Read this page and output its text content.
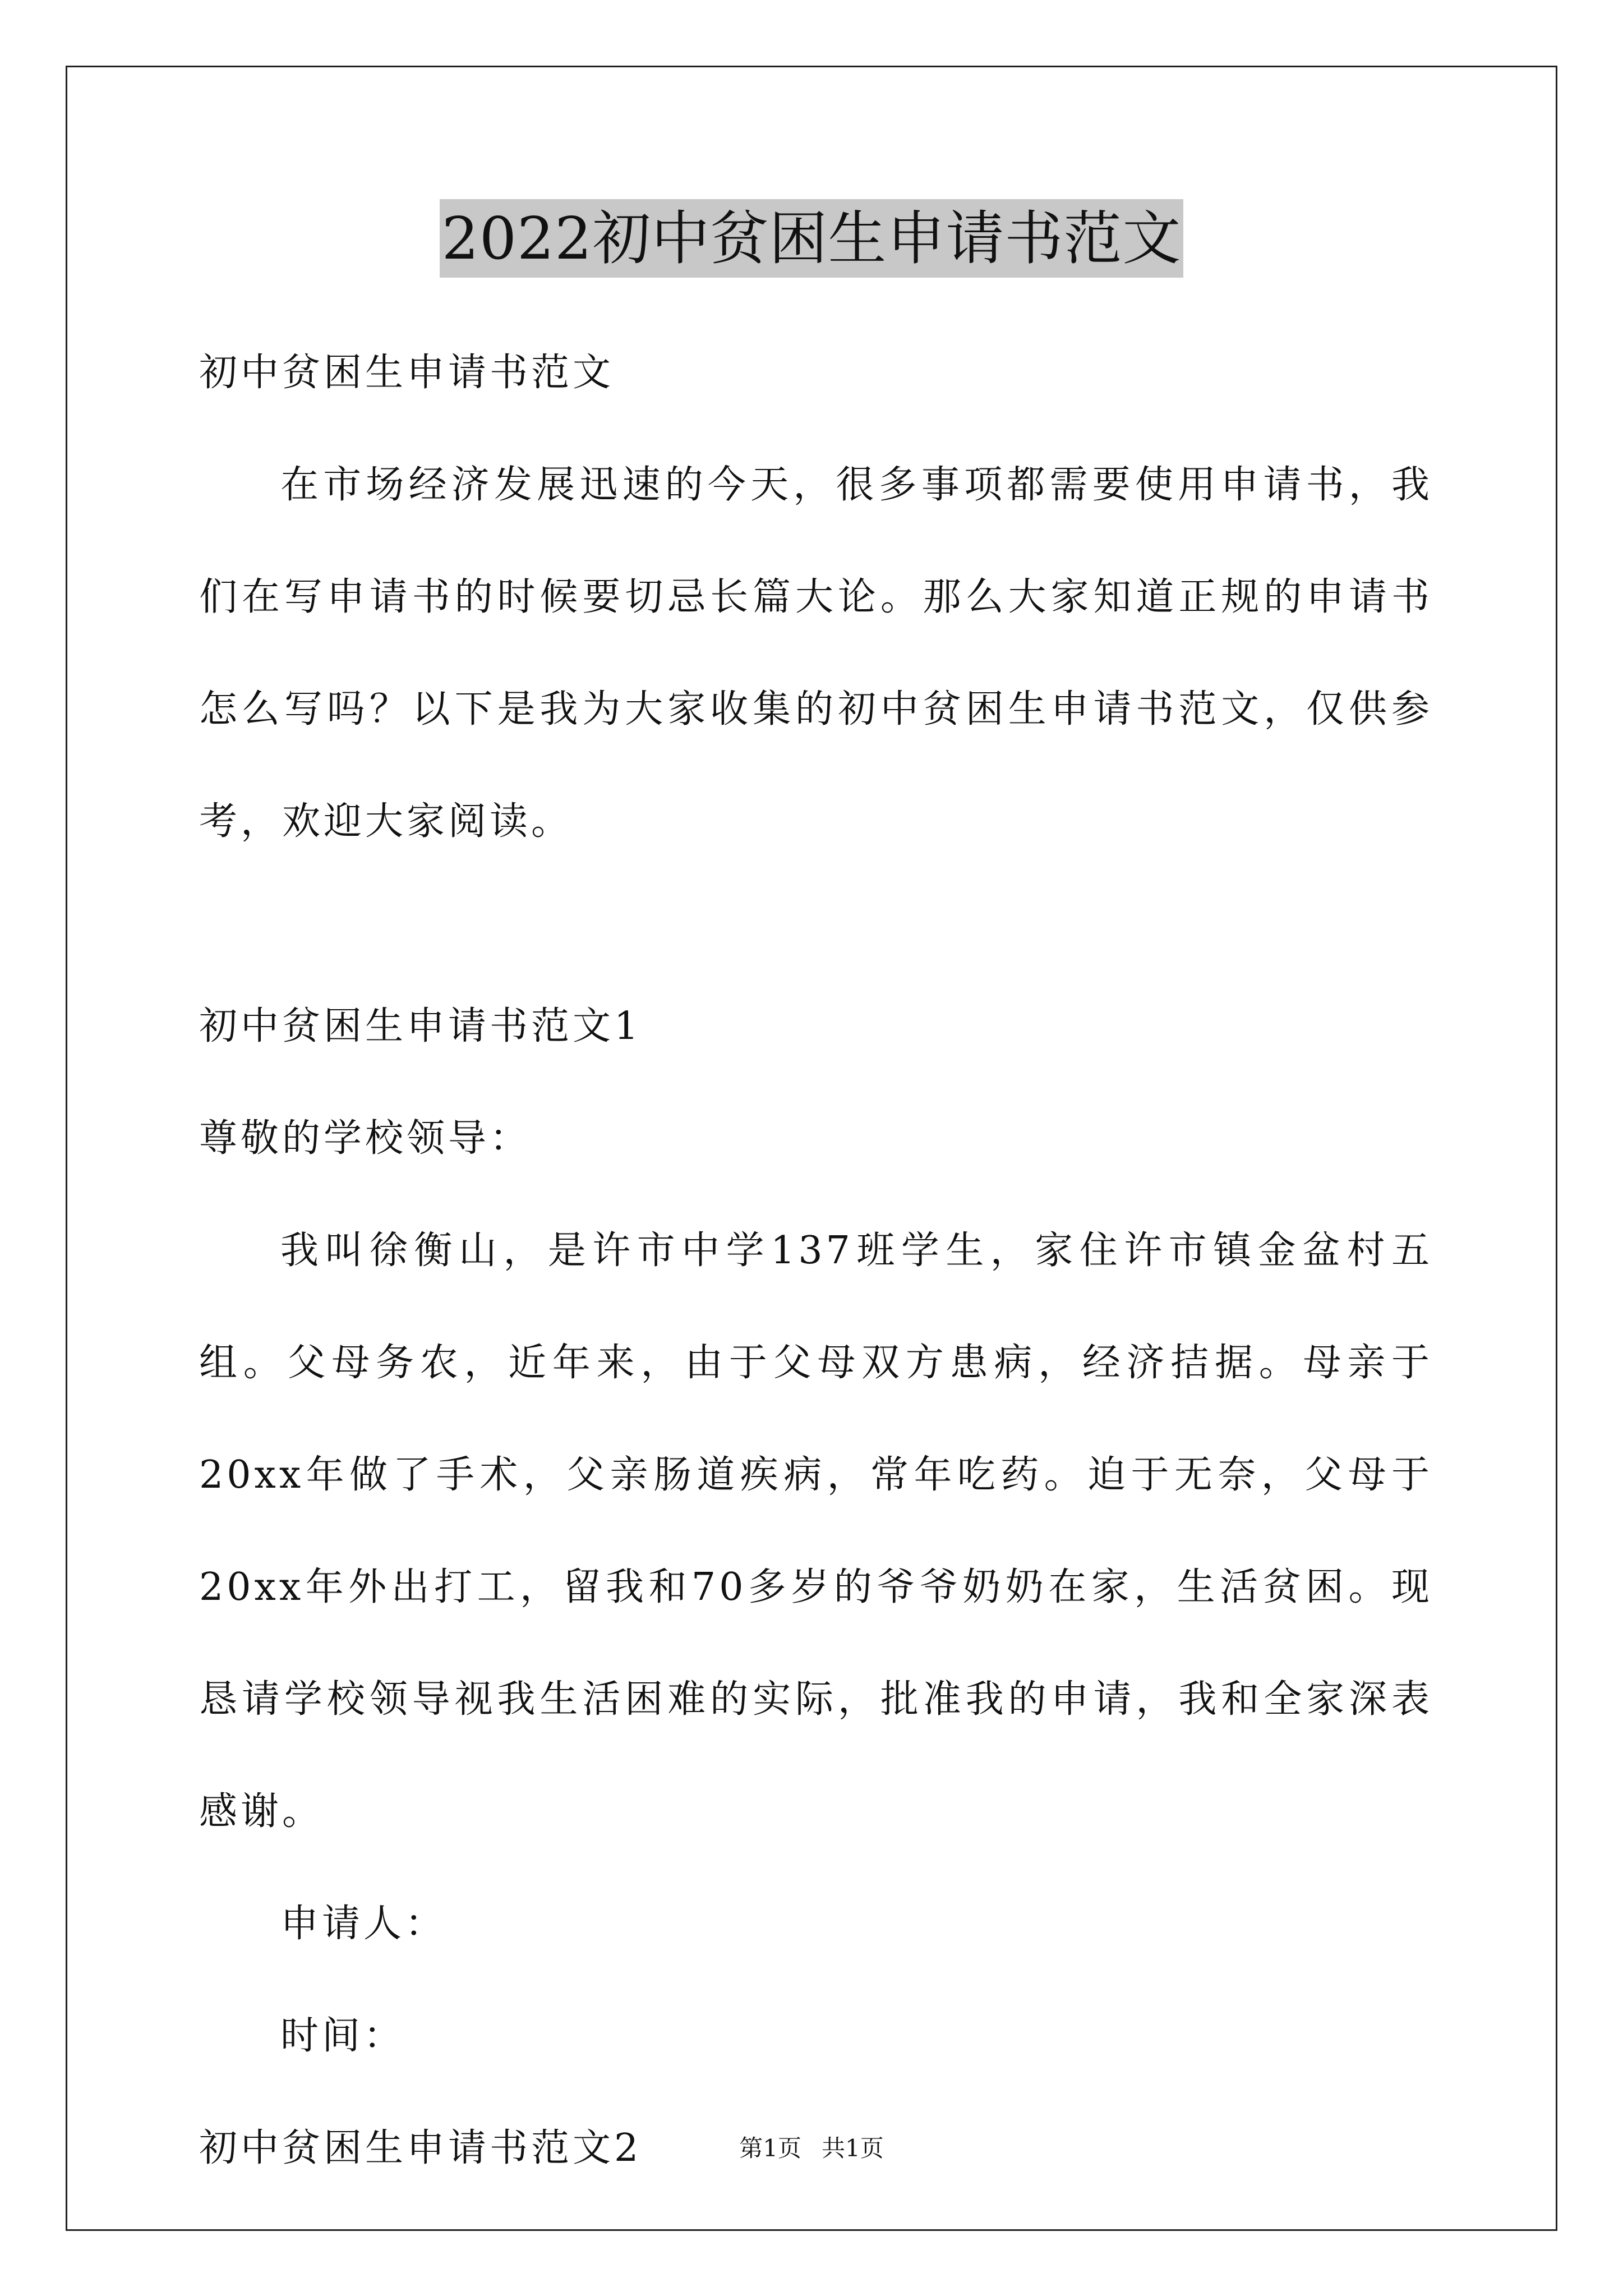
2022初中贫困生申请书范文
初中贫困生申请书范文

在市场经济发展迅速的今天，很多事项都需要使用申请书，我们在写申请书的时候要切忌长篇大论。那么大家知道正规的申请书怎么写吗？以下是我为大家收集的初中贫困生申请书范文，仅供参考，欢迎大家阅读。

初中贫困生申请书范文1
尊敬的学校领导：

我叫徐衡山，是许市中学137班学生，家住许市镇金盆村五组。父母务农，近年来，由于父母双方患病，经济拮据。母亲于20xx年做了手术，父亲肠道疾病，常年吃药。迫于无奈，父母于20xx年外出打工，留我和70多岁的爷爷奶奶在家，生活贫困。现恳请学校领导视我生活困难的实际，批准我的申请，我和全家深表感谢。

申请人：
时间：
初中贫困生申请书范文2	第1页 共1页
